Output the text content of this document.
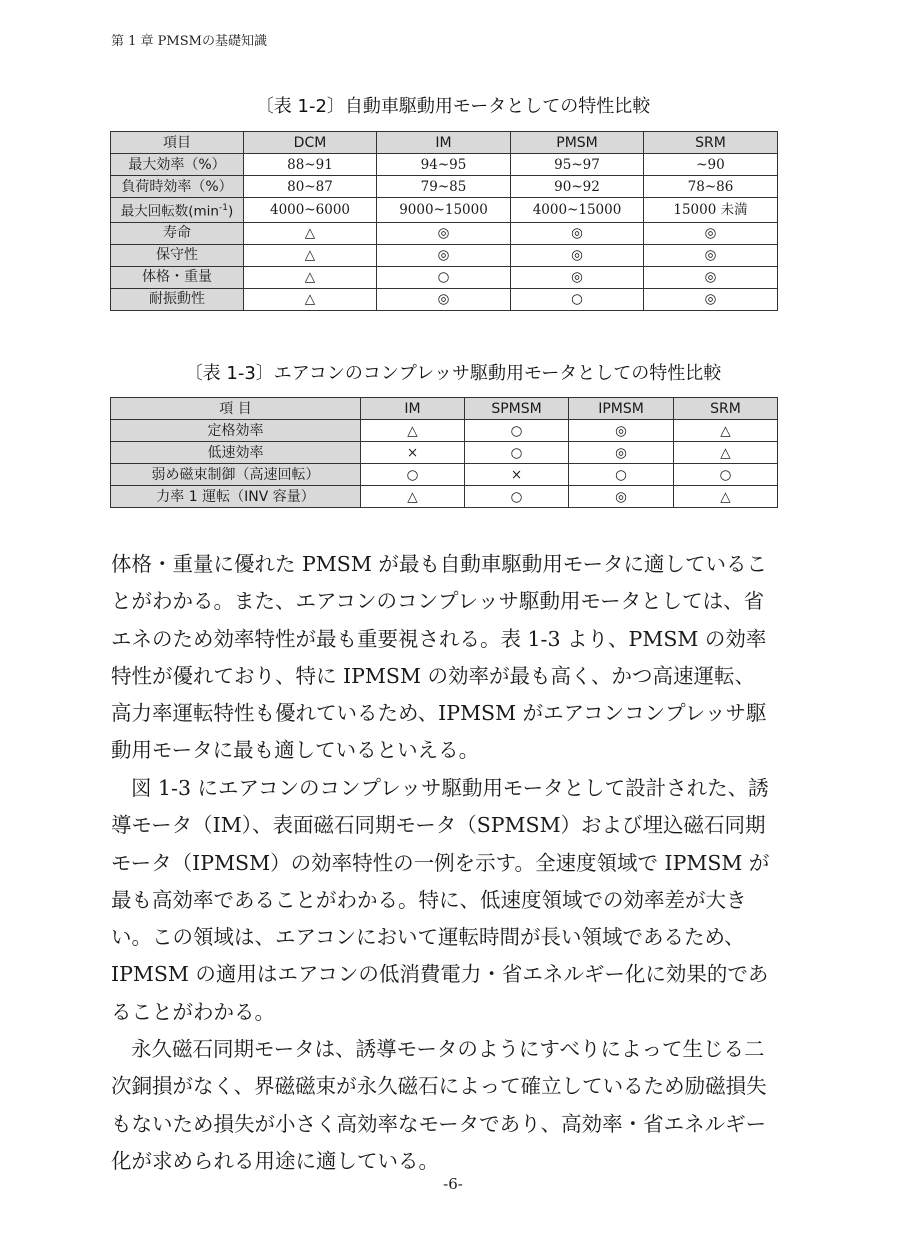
第 1 章 PMSMの基礎知識
〔表 1-2〕自動車駆動用モータとしての特性比較
項目	DCM	IM	PMSM	SRM
最大効率（%）	88~91	94~95	95~97	~90
負荷時効率（%）	80~87	79~85	90~92	78~86
最大回転数$(\min^{-1})$	4000~6000	9000~15000	4000~15000	15000 未満
寿命	△	◎	◎	◎
保守性	△	◎	◎	◎
体格・重量	△	○	◎	◎
耐振動性	△	◎	○	◎
〔表 1-3〕エアコンのコンプレッサ駆動用モータとしての特性比較
項 目	IM	SPMSM	IPMSM	SRM
定格効率	△	○	◎	△
低速効率	×	○	◎	△
弱め磁束制御（高速回転）	○	×	○	○
力率 1 運転（INV 容量）	△	○	◎	△

体格・重量に優れた PMSM が最も自動車駆動用モータに適していることがわかる。また、エアコンのコンプレッサ駆動用モータとしては、省エネのため効率特性が最も重要視される。表 1-3 より、PMSM の効率特性が優れており、特に IPMSM の効率が最も高く、かつ高速運転、高力率運転特性も優れているため、IPMSM がエアコンコンプレッサ駆動用モータに最も適しているといえる。

図 1-3 にエアコンのコンプレッサ駆動用モータとして設計された、誘導モータ（IM）、表面磁石同期モータ（SPMSM）および埋込磁石同期モータ（IPMSM）の効率特性の一例を示す。全速度領域で IPMSM が最も高効率であることがわかる。特に、低速度領域での効率差が大きい。この領域は、エアコンにおいて運転時間が長い領域であるため、IPMSM の適用はエアコンの低消費電力・省エネルギー化に効果的であることがわかる。

永久磁石同期モータは、誘導モータのようにすべりによって生じる二次銅損がなく、界磁磁束が永久磁石によって確立しているため励磁損失もないため損失が小さく高効率なモータであり、高効率・省エネルギー化が求められる用途に適している。

-6-
